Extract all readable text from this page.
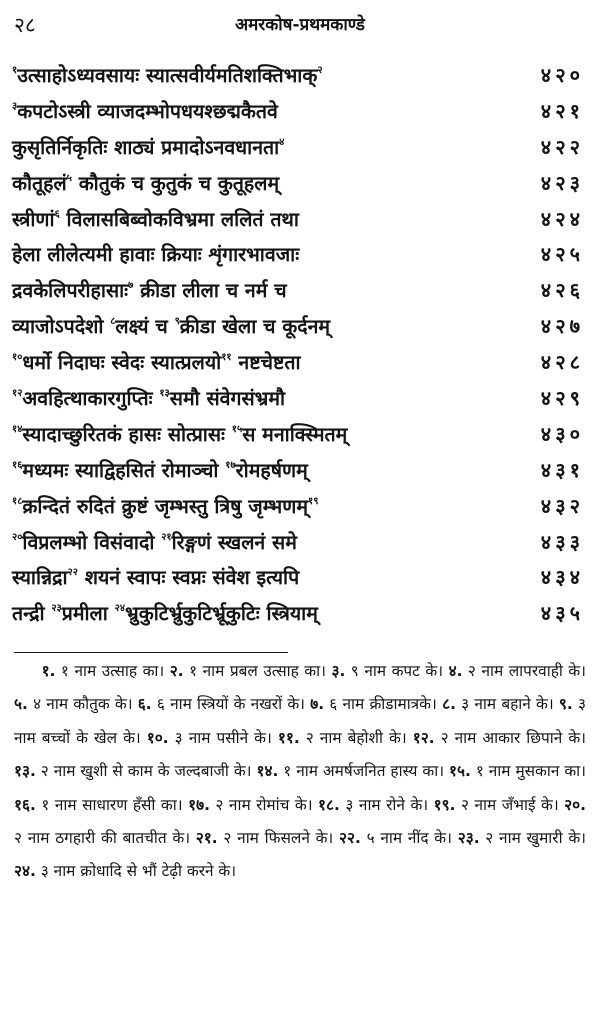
२८	अमरकोष-प्रथमकाण्डे
$^१$उत्साहोऽध्यवसायः स्यात्सवीर्यमतिशक्तिभाक्$^२$	४२०
$^३$कपटोऽस्त्री व्याजदम्भोपधयश्छद्मकैतवे	४२१
कुसृतिर्निकृतिः शाठ्यं प्रमादोऽनवधानता$^४$	४२२
कौतूहलं$^५$ कौतुकं च कुतुकं च कुतूहलम्	४२३
स्त्रीणां$^६$ विलासबिब्वोकविभ्रमा ललितं तथा	४२४
हेला लीलेत्यमी हावाः क्रियाः शृंगारभावजाः	४२५
द्रवकेलिपरीहासाः$^७$ क्रीडा लीला च नर्म च	४२६
व्याजोऽपदेशो $^८$लक्ष्यं च $^९$क्रीडा खेला च कूर्दनम्	४२७
$^{१०}$धर्मो निदाघः स्वेदः स्यात्प्रलयो$^{११}$ नष्टचेष्टता	४२८
$^{१२}$अवहित्थाकारगुप्तिः $^{१३}$समौ संवेगसंभ्रमौ	४२९
$^{१४}$स्यादाच्छुरितकं हासः सोत्प्रासः $^{१५}$स मनाक्स्मितम्	४३०
$^{१६}$मध्यमः स्याद्विहसितं रोमाञ्चो $^{१७}$रोमहर्षणम्	४३१
$^{१८}$क्रन्दितं रुदितं क्रुष्टं जृम्भस्तु त्रिषु जृम्भणम्$^{१९}$	४३२
$^{२०}$विप्रलम्भो विसंवादो $^{२१}$रिङ्गणं स्खलनं समे	४३३
स्यान्निद्रा$^{२२}$ शयनं स्वापः स्वप्नः संवेश इत्यपि	४३४
तन्द्री $^{२३}$प्रमीला $^{२४}$भ्रुकुटिर्भ्रुकुटिर्भ्रूकुटिः स्त्रियाम्	४३५
१. १ नाम उत्साह का। २. १ नाम प्रबल उत्साह का। ३. ९ नाम कपट के। ४. २ नाम लापरवाही के। ५. ४ नाम कौतुक के। ६. ६ नाम स्त्रियों के नखरों के। ७. ६ नाम क्रीडामात्रके। ८. ३ नाम बहाने के। ९. ३ नाम बच्चों के खेल के। १०. ३ नाम पसीने के। ११. २ नाम बेहोशी के। १२. २ नाम आकार छिपाने के। १३. २ नाम खुशी से काम के जल्दबाजी के। १४. १ नाम अमर्षजनित हास्य का। १५. १ नाम मुसकान का। १६. १ नाम साधारण हँसी का। १७. २ नाम रोमांच के। १८. ३ नाम रोने के। १९. २ नाम जँभाई के। २०. २ नाम ठगहारी की बातचीत के। २१. २ नाम फिसलने के। २२. ५ नाम नींद के। २३. २ नाम खुमारी के। २४. ३ नाम क्रोधादि से भौं टेढ़ी करने के।
